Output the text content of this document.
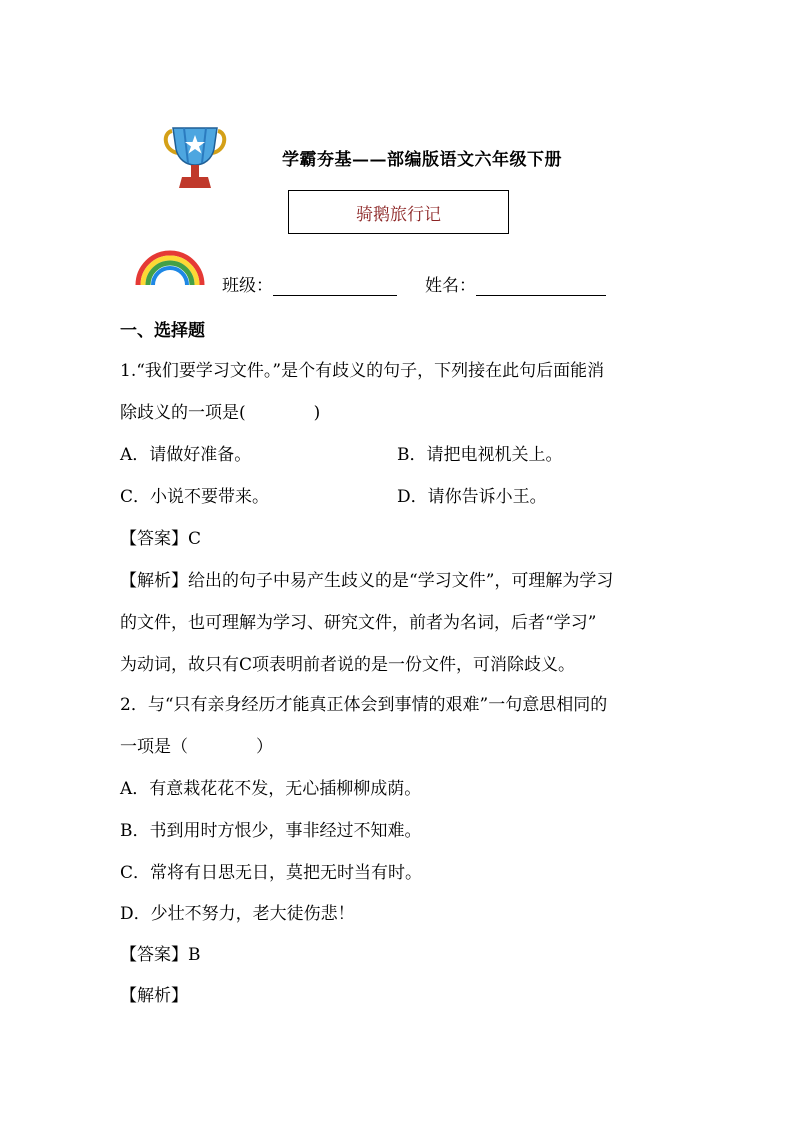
学霸夯基——部编版语文六年级下册
骑鹅旅行记
班级：	姓名：
一、选择题
1.“我们要学习文件。”是个有歧义的句子，下列接在此句后面能消
除歧义的一项是(　　　　)
A．请做好准备。	B．请把电视机关上。
C．小说不要带来。	D．请你告诉小王。
【答案】C
【解析】给出的句子中易产生歧义的是“学习文件”，可理解为学习
的文件，也可理解为学习、研究文件，前者为名词，后者“学习”
为动词，故只有C项表明前者说的是一份文件，可消除歧义。
2．与“只有亲身经历才能真正体会到事情的艰难”一句意思相同的
一项是（　　　　）
A．有意栽花花不发，无心插柳柳成荫。
B．书到用时方恨少，事非经过不知难。
C．常将有日思无日，莫把无时当有时。
D．少壮不努力，老大徒伤悲！
【答案】B
【解析】
